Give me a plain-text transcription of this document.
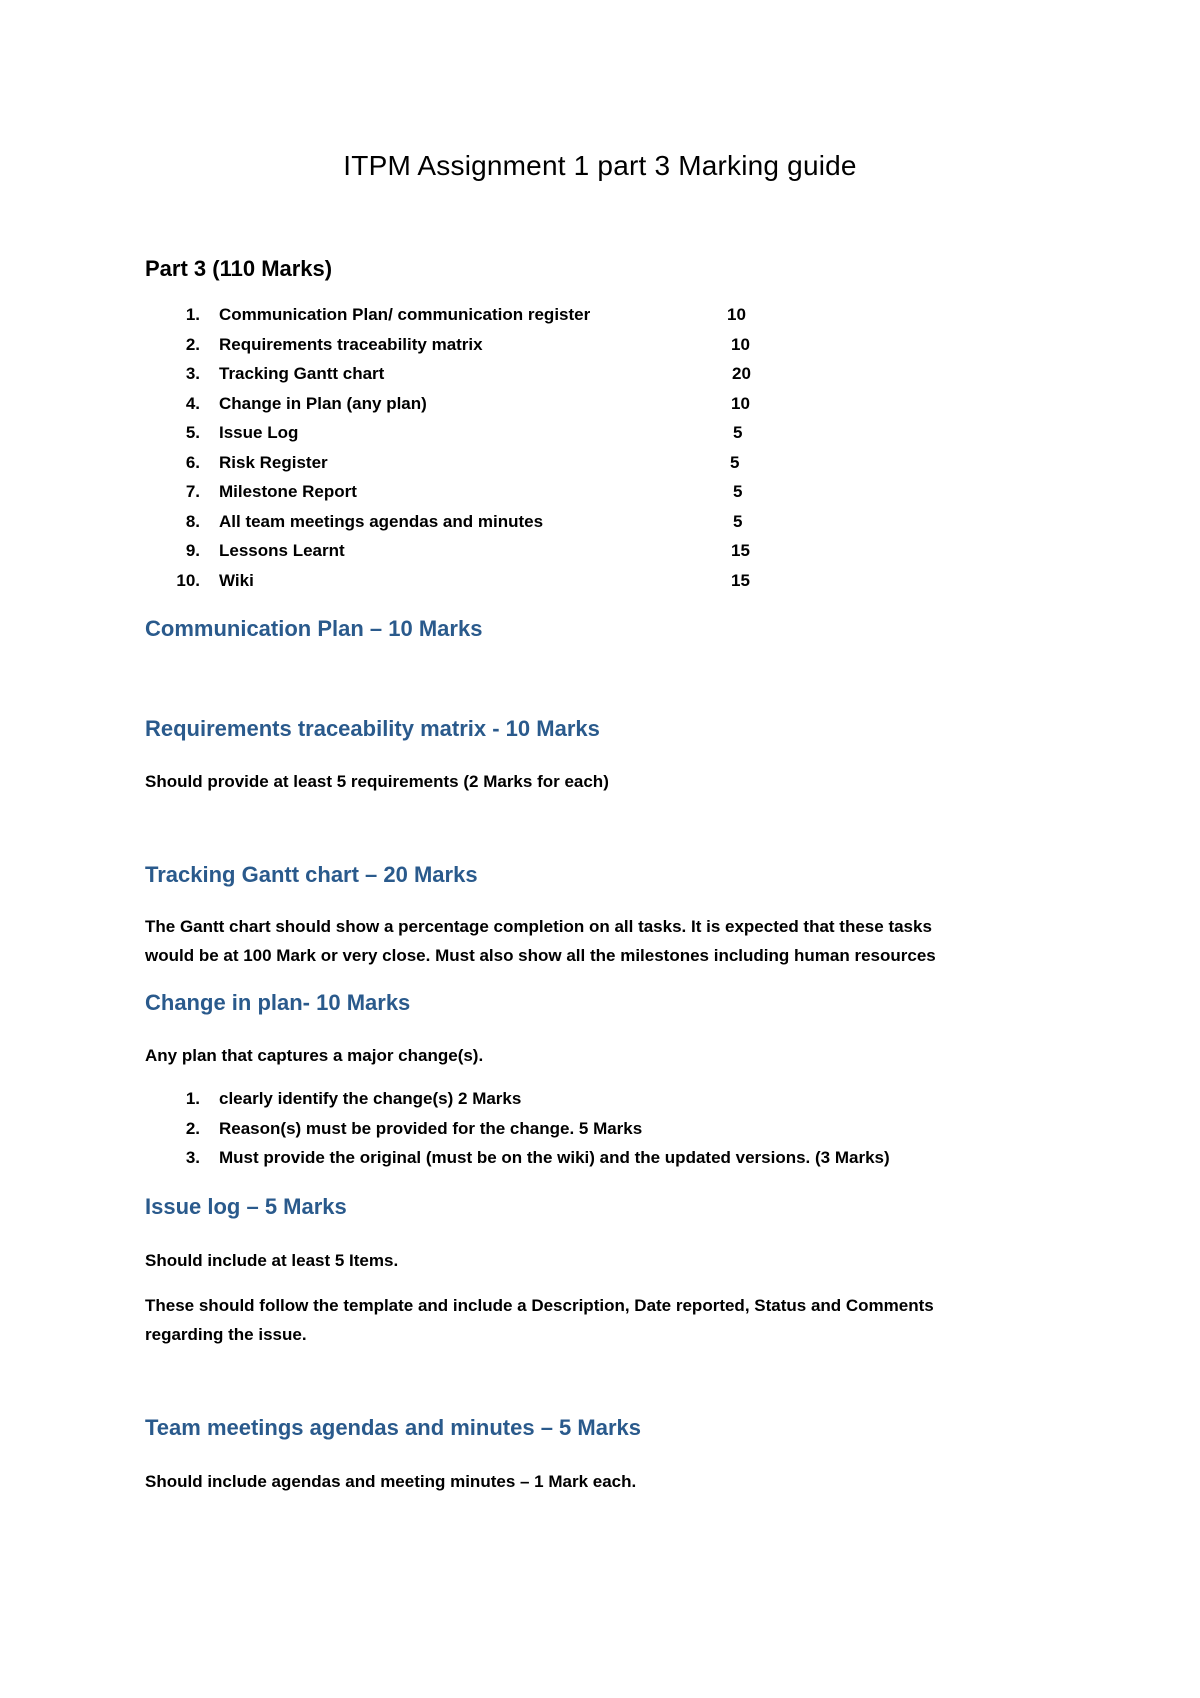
ITPM Assignment 1 part 3 Marking guide
Part 3 (110 Marks)
1. Communication Plan/ communication register	10
2. Requirements traceability matrix	10
3. Tracking Gantt chart	20
4. Change in Plan (any plan)	10
5. Issue Log	5
6. Risk Register	5
7. Milestone Report	5
8. All team meetings agendas and minutes	5
9. Lessons Learnt	15
10. Wiki	15
Communication Plan – 10 Marks
Requirements traceability matrix - 10 Marks
Should provide at least 5 requirements (2 Marks for each)
Tracking Gantt chart – 20 Marks
The Gantt chart should show a percentage completion on all tasks. It is expected that these tasks
would be at 100 Mark or very close. Must also show all the milestones including human resources
Change in plan- 10 Marks
Any plan that captures a major change(s).
1. clearly identify the change(s) 2 Marks
2. Reason(s) must be provided for the change. 5 Marks
3. Must provide the original (must be on the wiki) and the updated versions. (3 Marks)
Issue log – 5 Marks
Should include at least 5 Items.
These should follow the template and include a Description, Date reported, Status and Comments
regarding the issue.
Team meetings agendas and minutes – 5 Marks
Should include agendas and meeting minutes – 1 Mark each.
